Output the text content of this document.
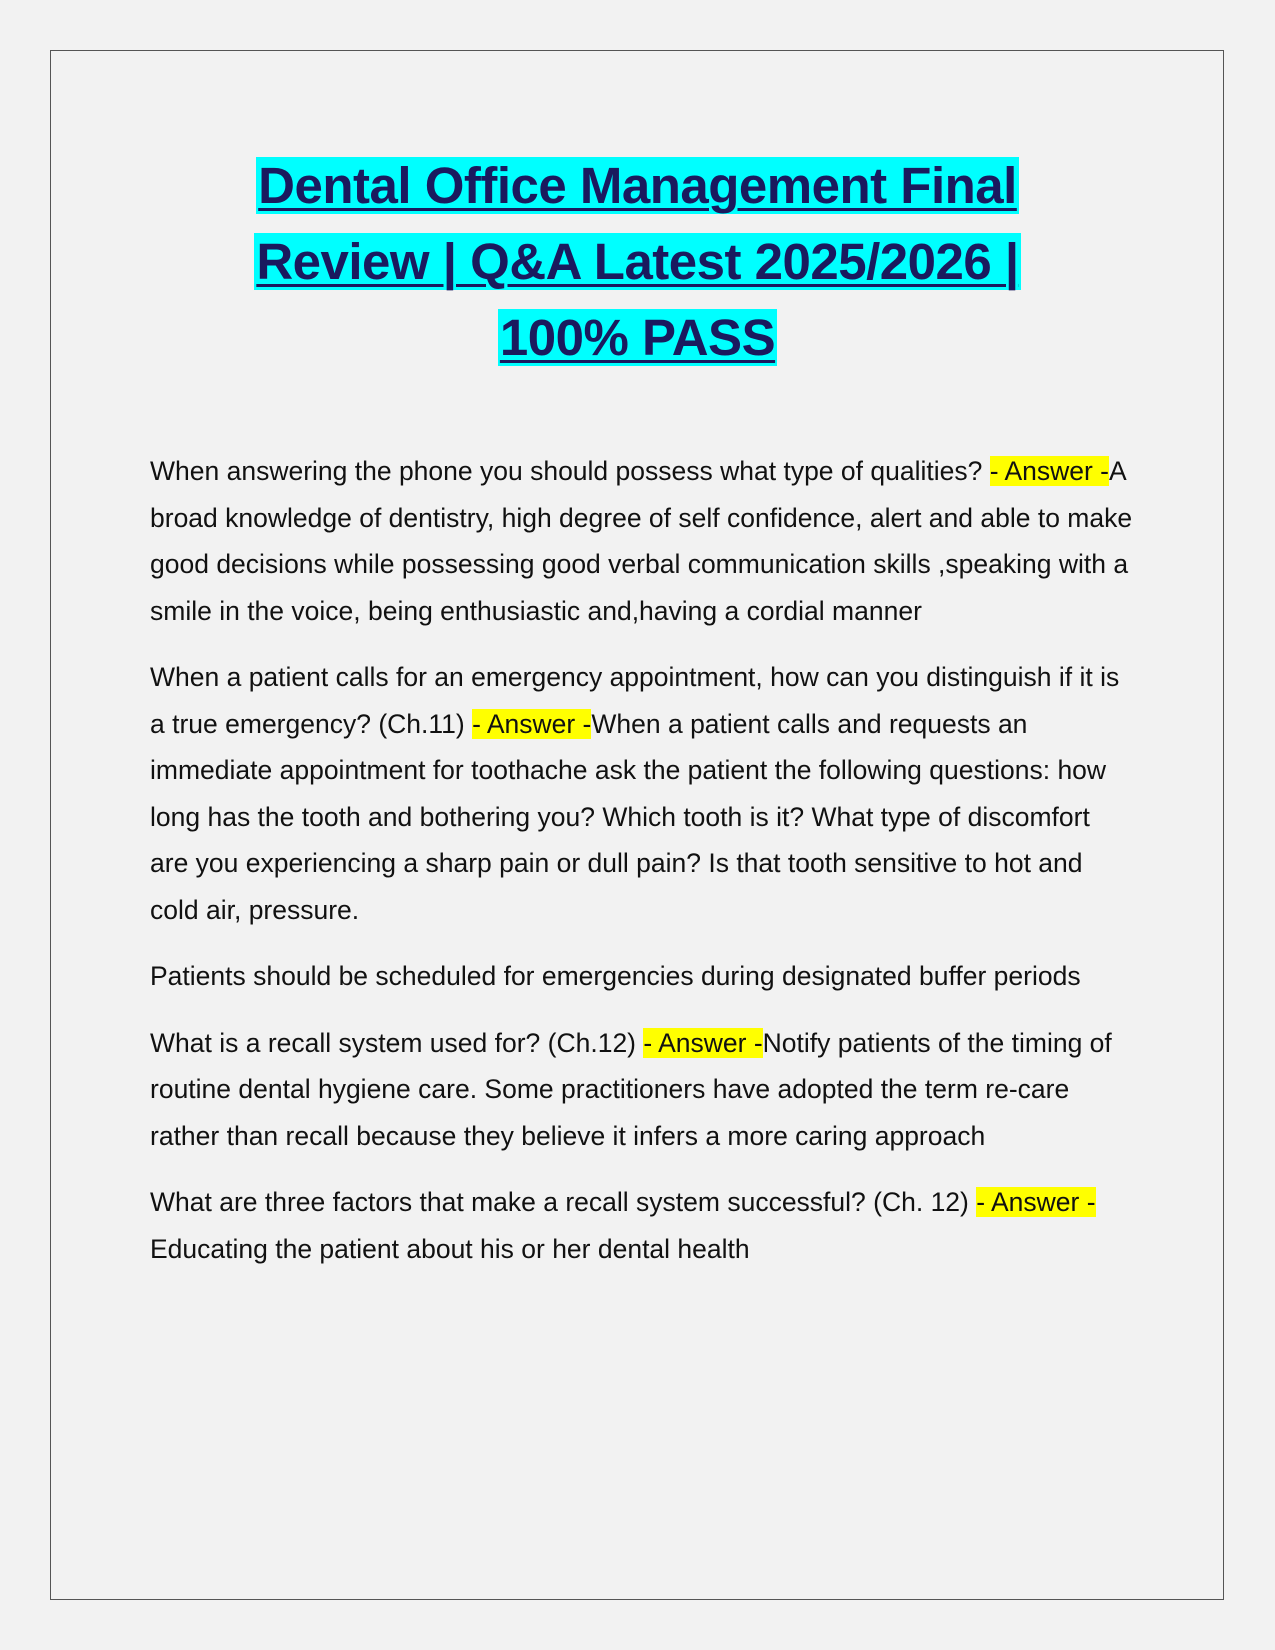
Dental Office Management Final
Review | Q&A Latest 2025/2026 |
100% PASS

When answering the phone you should possess what type of qualities? - Answer -A broad knowledge of dentistry, high degree of self confidence, alert and able to make good decisions while possessing good verbal communication skills ,speaking with a smile in the voice, being enthusiastic and,having a cordial manner

When a patient calls for an emergency appointment, how can you distinguish if it is a true emergency? (Ch.11) - Answer -When a patient calls and requests an immediate appointment for toothache ask the patient the following questions: how long has the tooth and bothering you? Which tooth is it? What type of discomfort are you experiencing a sharp pain or dull pain? Is that tooth sensitive to hot and cold air, pressure.

Patients should be scheduled for emergencies during designated buffer periods

What is a recall system used for? (Ch.12) - Answer -Notify patients of the timing of routine dental hygiene care. Some practitioners have adopted the term re-care rather than recall because they believe it infers a more caring approach

What are three factors that make a recall system successful? (Ch. 12) - Answer -Educating the patient about his or her dental health
